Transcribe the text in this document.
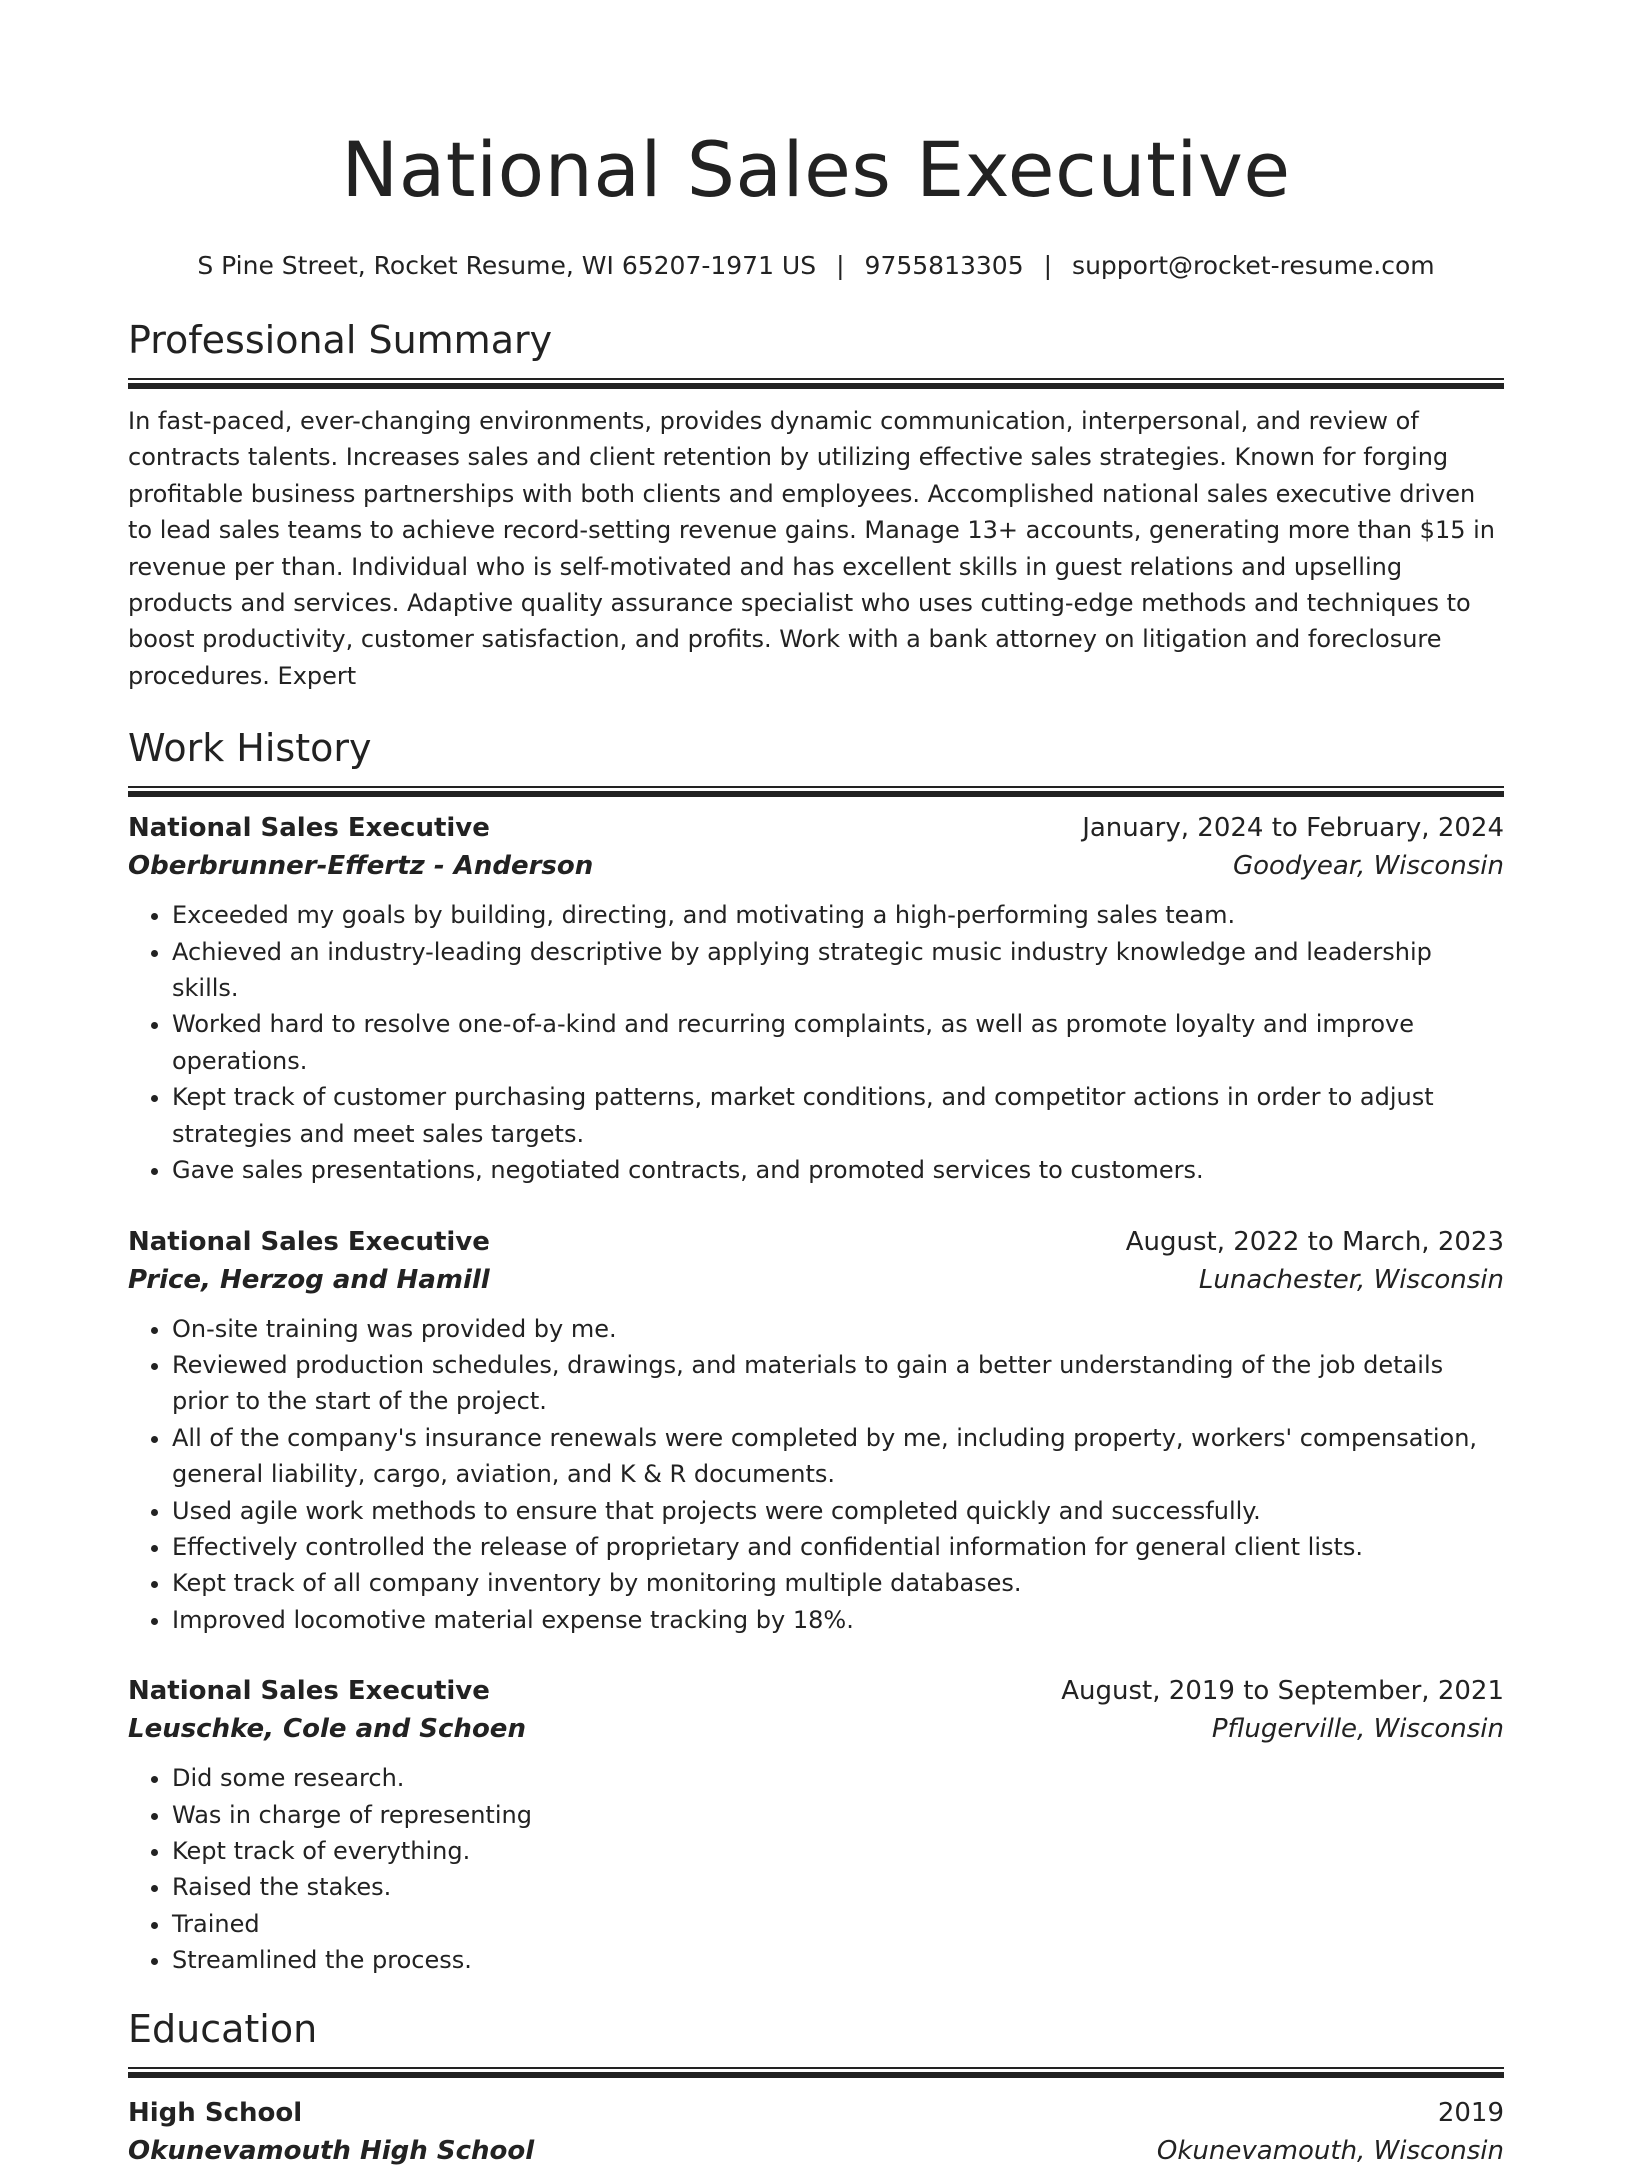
National Sales Executive
S Pine Street, Rocket Resume, WI 65207-1971 US | 9755813305 | support@rocket-resume.com
Professional Summary

In fast-paced, ever-changing environments, provides dynamic communication, interpersonal, and review of contracts talents. Increases sales and client retention by utilizing effective sales strategies. Known for forging profitable business partnerships with both clients and employees. Accomplished national sales executive driven to lead sales teams to achieve record-setting revenue gains. Manage 13+ accounts, generating more than $15 in revenue per than. Individual who is self-motivated and has excellent skills in guest relations and upselling products and services. Adaptive quality assurance specialist who uses cutting-edge methods and techniques to boost productivity, customer satisfaction, and profits. Work with a bank attorney on litigation and foreclosure procedures. Expert

Work History
National Sales Executive	January, 2024 to February, 2024
Oberbrunner-Effertz - Anderson	Goodyear, Wisconsin
• Exceeded my goals by building, directing, and motivating a high-performing sales team.
• Achieved an industry-leading descriptive by applying strategic music industry knowledge and leadership skills.
• Worked hard to resolve one-of-a-kind and recurring complaints, as well as promote loyalty and improve operations.
• Kept track of customer purchasing patterns, market conditions, and competitor actions in order to adjust strategies and meet sales targets.
• Gave sales presentations, negotiated contracts, and promoted services to customers.
National Sales Executive	August, 2022 to March, 2023
Price, Herzog and Hamill	Lunachester, Wisconsin
• On-site training was provided by me.
• Reviewed production schedules, drawings, and materials to gain a better understanding of the job details prior to the start of the project.
• All of the company's insurance renewals were completed by me, including property, workers' compensation, general liability, cargo, aviation, and K & R documents.
• Used agile work methods to ensure that projects were completed quickly and successfully.
• Effectively controlled the release of proprietary and confidential information for general client lists.
• Kept track of all company inventory by monitoring multiple databases.
• Improved locomotive material expense tracking by 18%.
National Sales Executive	August, 2019 to September, 2021
Leuschke, Cole and Schoen	Pflugerville, Wisconsin
• Did some research.
• Was in charge of representing
• Kept track of everything.
• Raised the stakes.
• Trained
• Streamlined the process.
Education
High School	2019
Okunevamouth High School	Okunevamouth, Wisconsin
